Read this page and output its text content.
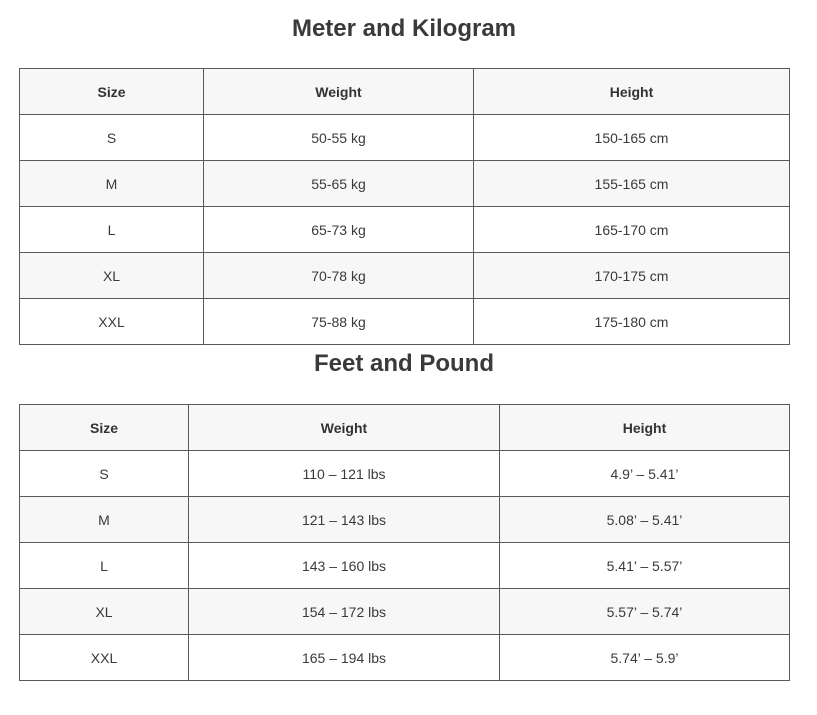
Meter and Kilogram
Size	Weight	Height
S	50-55 kg	150-165 cm
M	55-65 kg	155-165 cm
L	65-73 kg	165-170 cm
XL	70-78 kg	170-175 cm
XXL	75-88 kg	175-180 cm
Feet and Pound
Size	Weight	Height
S	110 – 121 lbs	4.9’ – 5.41’
M	121 – 143 lbs	5.08’ – 5.41’
L	143 – 160 lbs	5.41’ – 5.57’
XL	154 – 172 lbs	5.57’ – 5.74’
XXL	165 – 194 lbs	5.74’ – 5.9’
